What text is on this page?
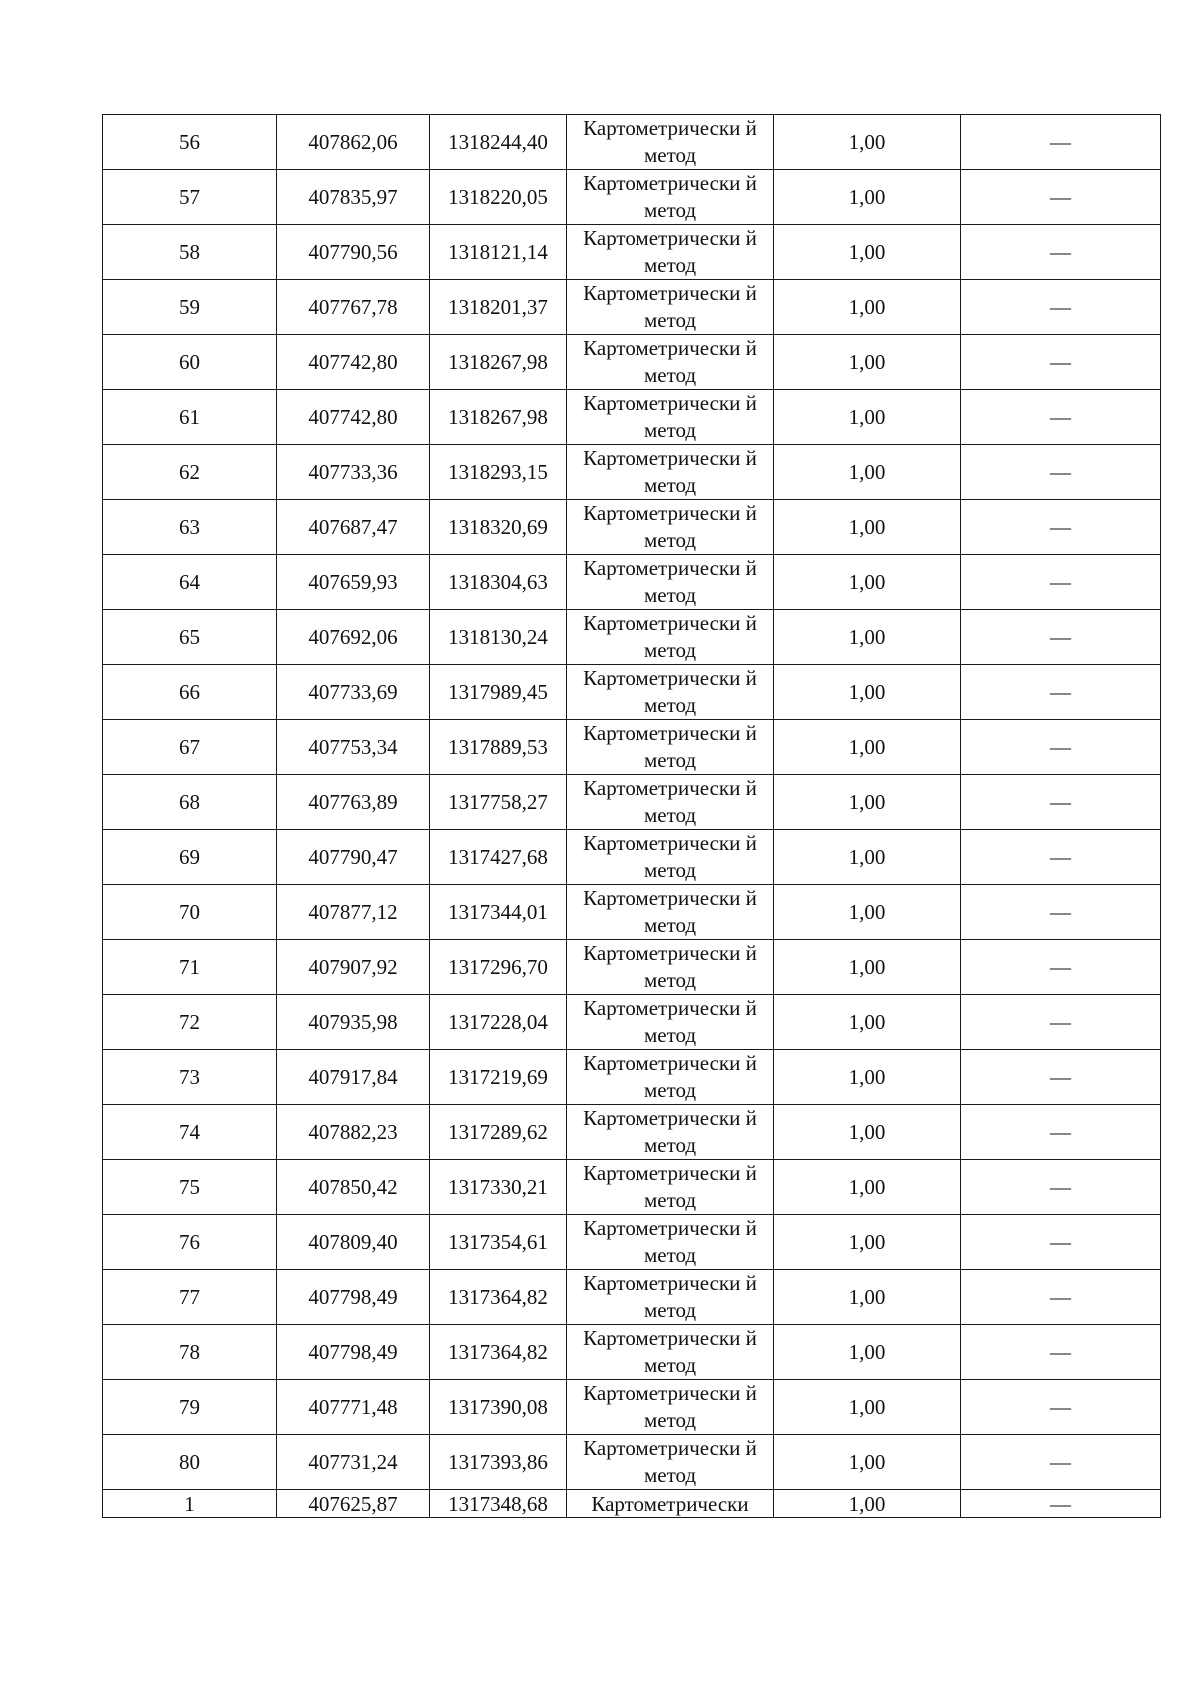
56	407862,06	1318244,40	Картометрически й метод	1,00	—
57	407835,97	1318220,05	Картометрически й метод	1,00	—
58	407790,56	1318121,14	Картометрически й метод	1,00	—
59	407767,78	1318201,37	Картометрически й метод	1,00	—
60	407742,80	1318267,98	Картометрически й метод	1,00	—
61	407742,80	1318267,98	Картометрически й метод	1,00	—
62	407733,36	1318293,15	Картометрически й метод	1,00	—
63	407687,47	1318320,69	Картометрически й метод	1,00	—
64	407659,93	1318304,63	Картометрически й метод	1,00	—
65	407692,06	1318130,24	Картометрически й метод	1,00	—
66	407733,69	1317989,45	Картометрически й метод	1,00	—
67	407753,34	1317889,53	Картометрически й метод	1,00	—
68	407763,89	1317758,27	Картометрически й метод	1,00	—
69	407790,47	1317427,68	Картометрически й метод	1,00	—
70	407877,12	1317344,01	Картометрически й метод	1,00	—
71	407907,92	1317296,70	Картометрически й метод	1,00	—
72	407935,98	1317228,04	Картометрически й метод	1,00	—
73	407917,84	1317219,69	Картометрически й метод	1,00	—
74	407882,23	1317289,62	Картометрически й метод	1,00	—
75	407850,42	1317330,21	Картометрически й метод	1,00	—
76	407809,40	1317354,61	Картометрически й метод	1,00	—
77	407798,49	1317364,82	Картометрически й метод	1,00	—
78	407798,49	1317364,82	Картометрически й метод	1,00	—
79	407771,48	1317390,08	Картометрически й метод	1,00	—
80	407731,24	1317393,86	Картометрически й метод	1,00	—
1	407625,87	1317348,68	Картометрически	1,00	—
